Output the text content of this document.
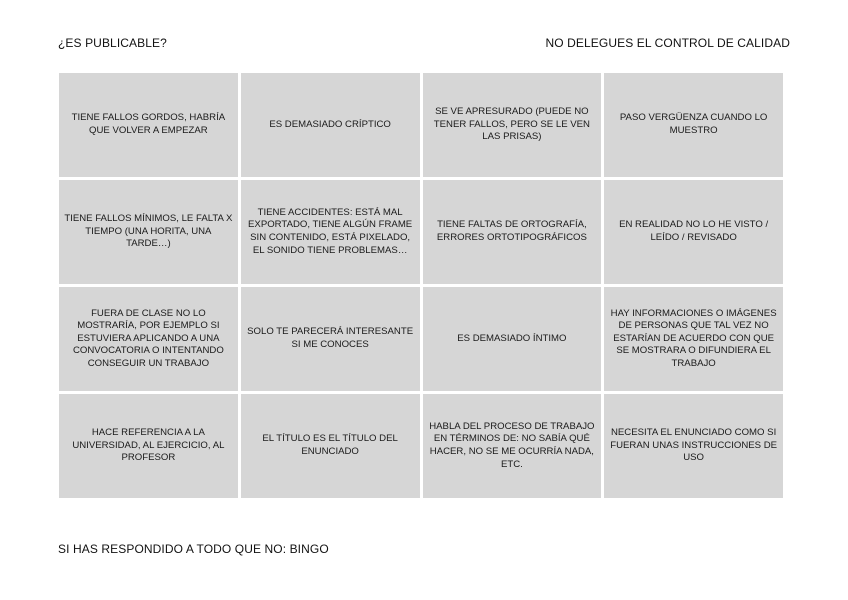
¿ES PUBLICABLE?	NO DELEGUES EL CONTROL DE CALIDAD
TIENE FALLOS GORDOS, HABRÍA QUE VOLVER A EMPEZAR
ES DEMASIADO CRÍPTICO
SE VE APRESURADO (PUEDE NO TENER FALLOS, PERO SE LE VEN LAS PRISAS)
PASO VERGÜENZA CUANDO LO MUESTRO
TIENE FALLOS MÍNIMOS, LE FALTA X TIEMPO (UNA HORITA, UNA TARDE…)
TIENE ACCIDENTES: ESTÁ MAL EXPORTADO, TIENE ALGÚN FRAME SIN CONTENIDO, ESTÁ PIXELADO, EL SONIDO TIENE PROBLEMAS…
TIENE FALTAS DE ORTOGRAFÍA, ERRORES ORTOTIPOGRÁFICOS
EN REALIDAD NO LO HE VISTO / LEÍDO / REVISADO
FUERA DE CLASE NO LO MOSTRARÍA, POR EJEMPLO SI ESTUVIERA APLICANDO A UNA CONVOCATORIA O INTENTANDO CONSEGUIR UN TRABAJO
SOLO TE PARECERÁ INTERESANTE SI ME CONOCES
ES DEMASIADO ÍNTIMO
HAY INFORMACIONES O IMÁGENES DE PERSONAS QUE TAL VEZ NO ESTARÍAN DE ACUERDO CON QUE SE MOSTRARA O DIFUNDIERA EL TRABAJO
HACE REFERENCIA A LA UNIVERSIDAD, AL EJERCICIO, AL PROFESOR
EL TÍTULO ES EL TÍTULO DEL ENUNCIADO
HABLA DEL PROCESO DE TRABAJO EN TÉRMINOS DE: NO SABÍA QUÉ HACER, NO SE ME OCURRÍA NADA, ETC.
NECESITA EL ENUNCIADO COMO SI FUERAN UNAS INSTRUCCIONES DE USO
SI HAS RESPONDIDO A TODO QUE NO: BINGO
